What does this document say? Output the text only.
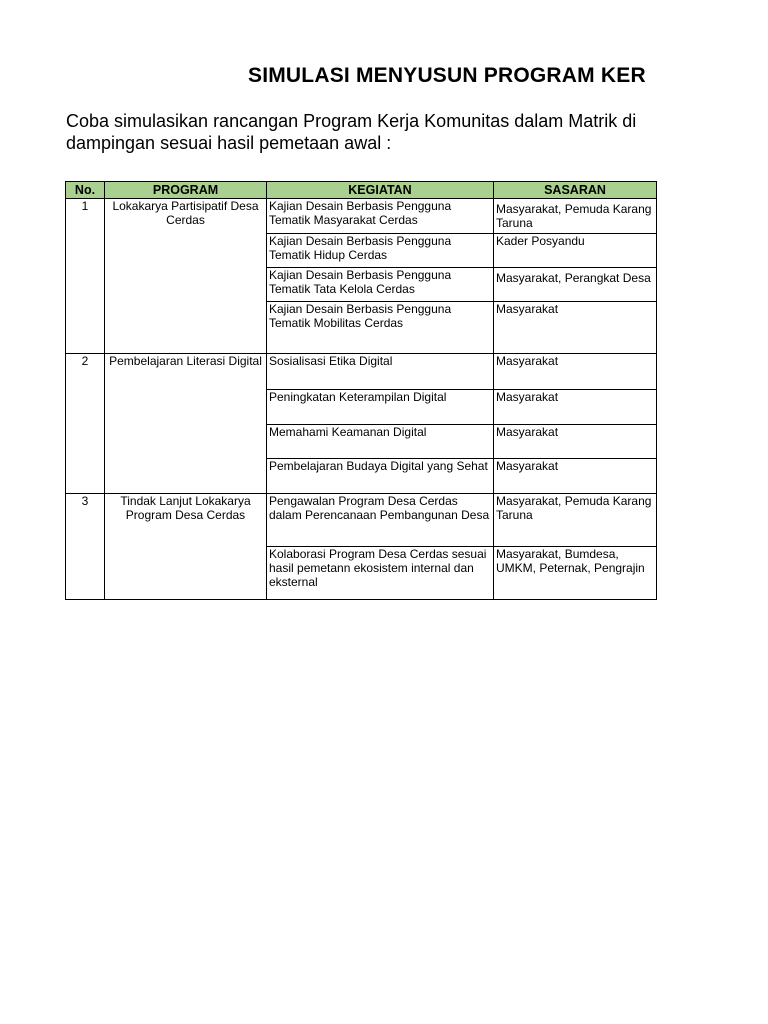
SIMULASI MENYUSUN PROGRAM KER
Coba simulasikan rancangan Program Kerja Komunitas dalam Matrik di dampingan sesuai hasil pemetaan awal :
No.	PROGRAM	KEGIATAN	SASARAN
1	Lokakarya Partisipatif Desa Cerdas	Kajian Desain Berbasis Pengguna Tematik Masyarakat Cerdas	Masyarakat, Pemuda Karang Taruna
		Kajian Desain Berbasis Pengguna Tematik Hidup Cerdas	Kader Posyandu
		Kajian Desain Berbasis Pengguna Tematik Tata Kelola Cerdas	Masyarakat, Perangkat Desa
		Kajian Desain Berbasis Pengguna Tematik Mobilitas Cerdas	Masyarakat
2	Pembelajaran Literasi Digital	Sosialisasi Etika Digital	Masyarakat
		Peningkatan Keterampilan Digital	Masyarakat
		Memahami Keamanan Digital	Masyarakat
		Pembelajaran Budaya Digital yang Sehat	Masyarakat
3	Tindak Lanjut Lokakarya Program Desa Cerdas	Pengawalan Program Desa Cerdas dalam Perencanaan Pembangunan Desa	Masyarakat, Pemuda Karang Taruna
		Kolaborasi Program Desa Cerdas sesuai hasil pemetann ekosistem internal dan eksternal	Masyarakat, Bumdesa, UMKM, Peternak, Pengrajin
